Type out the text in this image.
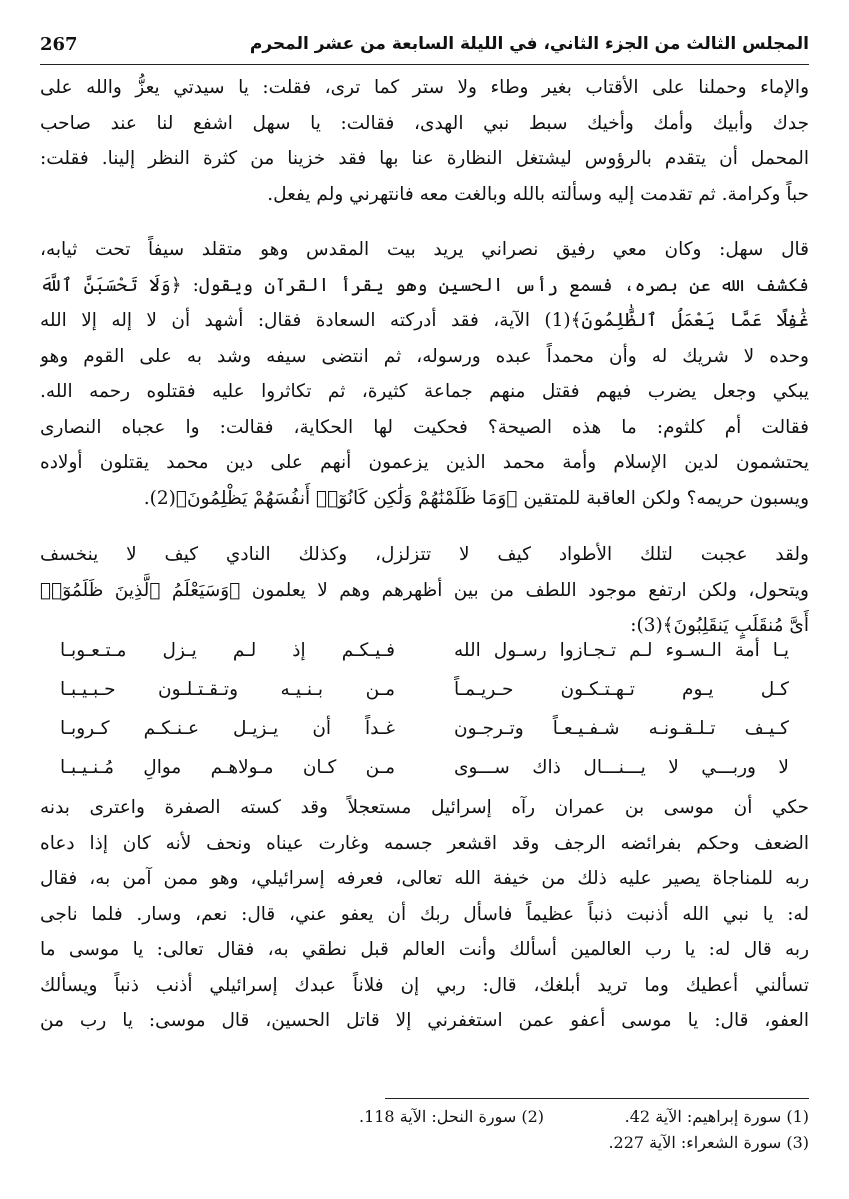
المجلس الثالث من الجزء الثاني، في الليلة السابعة من عشر المحرم
267
والإماء وحملنا على الأقتاب بغير وطاء ولا ستر كما ترى، فقلت: يا سيدتي يعزُّ والله على
جدك وأبيك وأمك وأخيك سبط نبي الهدى، فقالت: يا سهل اشفع لنا عند صاحب
المحمل أن يتقدم بالرؤوس ليشتغل النظارة عنا بها فقد خزينا من كثرة النظر إلينا. فقلت:
حباً وكرامة. ثم تقدمت إليه وسألته بالله وبالغت معه فانتهرني ولم يفعل.
قال سهل: وكان معي رفيق نصراني يريد بيت المقدس وهو متقلد سيفاً تحت ثيابه،
فكشف الله عن بصره، فسمع رأس الحسين وهو يقرأ القرآن ويقول: ﴿وَلَا تَحْسَبَنَّ ٱللَّهَ
غَٰفِلًا عَمَّا يَعْمَلُ ٱلظَّٰلِمُونَ﴾(1) الآية، فقد أدركته السعادة فقال: أشهد أن لا إله إلا الله
وحده لا شريك له وأن محمداً عبده ورسوله، ثم انتضى سيفه وشد به على القوم وهو
يبكي وجعل يضرب فيهم فقتل منهم جماعة كثيرة، ثم تكاثروا عليه فقتلوه رحمه الله.
فقالت أم كلثوم: ما هذه الصيحة؟ فحكيت لها الحكاية، فقالت: وا عجباه النصارى
يحتشمون لدين الإسلام وأمة محمد الذين يزعمون أنهم على دين محمد يقتلون أولاده
ويسبون حريمه؟ ولكن العاقبة للمتقين ﴿وَمَا ظَلَمْنَٰهُمْ وَلَٰكِن كَانُوٓا۟ أَنفُسَهُمْ يَظْلِمُونَ﴾(2).
ولقد عجبت لتلك الأطواد كيف لا تتزلزل، وكذلك النادي كيف لا ينخسف
ويتحول، ولكن ارتفع موجود اللطف من بين أظهرهم وهم لا يعلمون ﴿وَسَيَعْلَمُ ٱلَّذِينَ ظَلَمُوٓا۟
أَىَّ مُنقَلَبٍ يَنقَلِبُونَ﴾(3):
يـا أمة الـسـوء لـم تـجـازوا رسـول الله
فـيـكـم إذ لـم يـزل مـتـعـوبـا
كـل يـوم تـهـتـكـون حـريـمـاً
مـن بـنـيـه وتـقـتـلـون حـبـيـبـا
كـيـف تـلـقـونـه شـفـيـعـاً وتـرجـون
غـداً أن يـزيـل عـنـكـم كـروبـا
لا وربـــي لا يـــنـــال ذاك ســـوى
مـن كـان مـولاهـم موالِ مُـنـيـبـا
حكي أن موسى بن عمران رآه إسرائيل مستعجلاً وقد كسته الصفرة واعترى بدنه
الضعف وحكم بفرائضه الرجف وقد اقشعر جسمه وغارت عيناه ونحف لأنه كان إذا دعاه
ربه للمناجاة يصير عليه ذلك من خيفة الله تعالى، فعرفه إسرائيلي، وهو ممن آمن به، فقال
له: يا نبي الله أذنبت ذنباً عظيماً فاسأل ربك أن يعفو عني، قال: نعم، وسار. فلما ناجى
ربه قال له: يا رب العالمين أسألك وأنت العالم قبل نطقي به، فقال تعالى: يا موسى ما
تسألني أعطيك وما تريد أبلغك، قال: ربي إن فلاناً عبدك إسرائيلي أذنب ذنباً ويسألك
العفو، قال: يا موسى أعفو عمن استغفرني إلا قاتل الحسين، قال موسى: يا رب من
(1) سورة إبراهيم: الآية 42.
(2) سورة النحل: الآية 118.
(3) سورة الشعراء: الآية 227.
